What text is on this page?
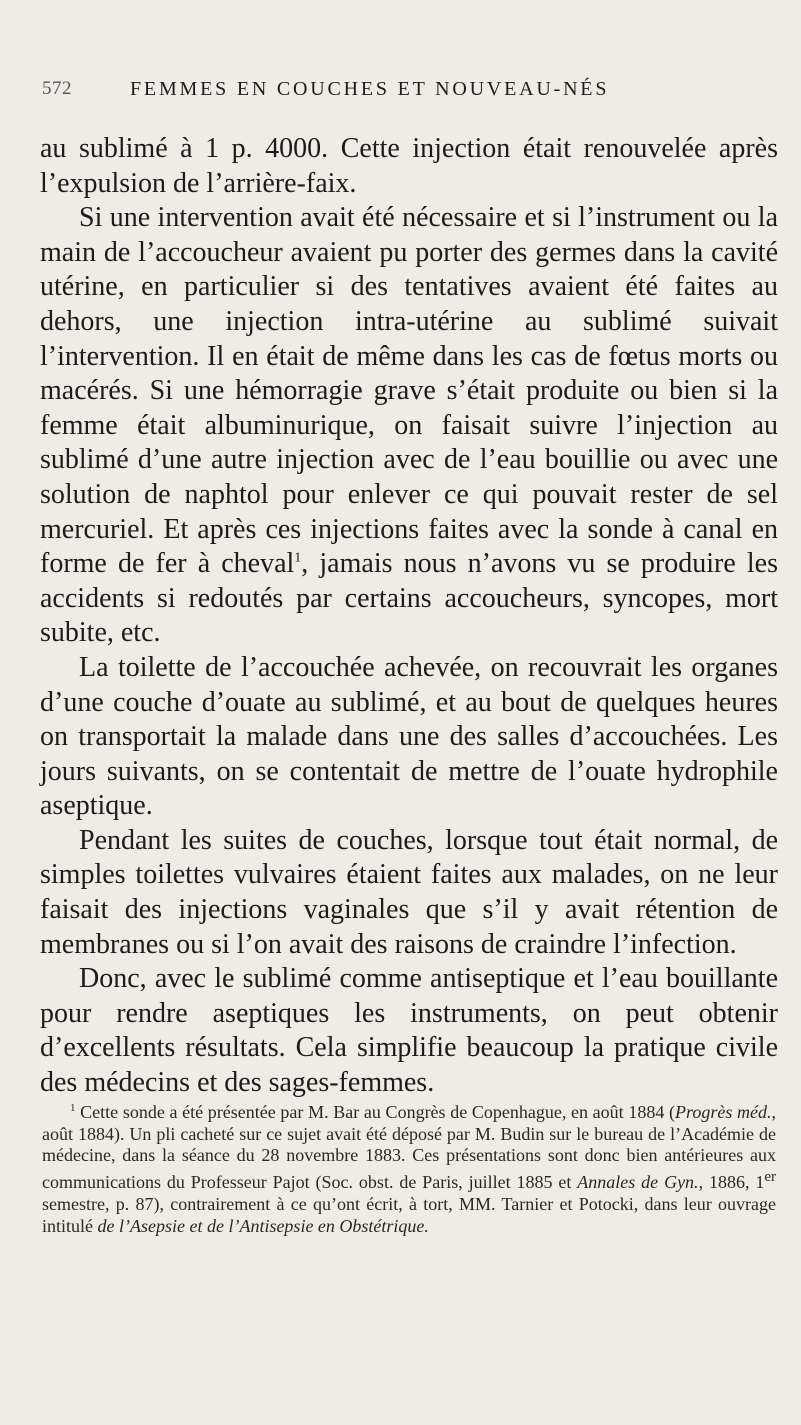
572	FEMMES EN COUCHES ET NOUVEAU-NÉS

au sublimé à 1 p. 4000. Cette injection était renouvelée après l’expulsion de l’arrière-faix.

Si une intervention avait été nécessaire et si l’instrument ou la main de l’accoucheur avaient pu porter des germes dans la cavité utérine, en particulier si des tentatives avaient été faites au dehors, une injection intra-utérine au sublimé suivait l’intervention. Il en était de même dans les cas de fœtus morts ou macérés. Si une hémorragie grave s’était produite ou bien si la femme était albuminurique, on faisait suivre l’injection au sublimé d’une autre injection avec de l’eau bouillie ou avec une solution de naphtol pour enlever ce qui pouvait rester de sel mercuriel. Et après ces injections faites avec la sonde à canal en forme de fer à cheval$^1$, jamais nous n’avons vu se produire les accidents si redoutés par certains accoucheurs, syncopes, mort subite, etc.

La toilette de l’accouchée achevée, on recouvrait les organes d’une couche d’ouate au sublimé, et au bout de quelques heures on transportait la malade dans une des salles d’accouchées. Les jours suivants, on se contentait de mettre de l’ouate hydrophile aseptique.

Pendant les suites de couches, lorsque tout était normal, de simples toilettes vulvaires étaient faites aux malades, on ne leur faisait des injections vaginales que s’il y avait rétention de membranes ou si l’on avait des raisons de craindre l’infection.

Donc, avec le sublimé comme antiseptique et l’eau bouillante pour rendre aseptiques les instruments, on peut obtenir d’excellents résultats. Cela simplifie beaucoup la pratique civile des médecins et des sages-femmes.

$^1$ Cette sonde a été présentée par M. Bar au Congrès de Copenhague, en août 1884 (Progrès méd., août 1884). Un pli cacheté sur ce sujet avait été déposé par M. Budin sur le bureau de l’Académie de médecine, dans la séance du 28 novembre 1883. Ces présentations sont donc bien antérieures aux communications du Professeur Pajot (Soc. obst. de Paris, juillet 1885 et Annales de Gyn., 1886, 1er semestre, p. 87), contrairement à ce qu’ont écrit, à tort, MM. Tarnier et Potocki, dans leur ouvrage intitulé de l’Asepsie et de l’Antisepsie en Obstétrique.
